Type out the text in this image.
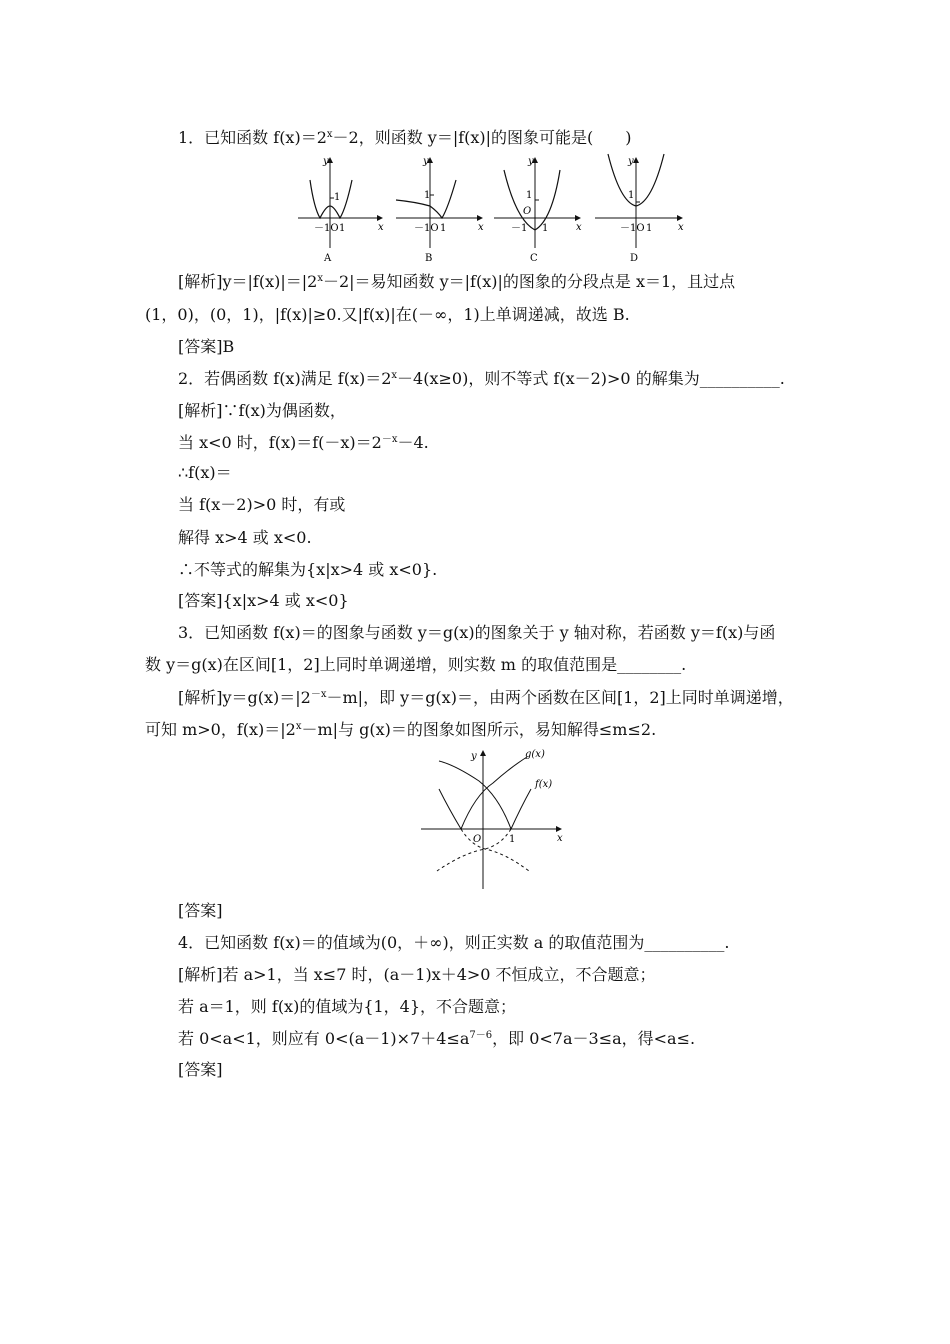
1．已知函数 $f(x)=2^x-2$，则函数 y＝|f(x)|的图象可能是(　　)
1
－1O 1
y
x
A
1
－1O 1
y
x
B
1
O
－1 1
y
x
C
1
－1O 1
y
x
D
[解析]$y=|f(x)|=|2^x-2|=$易知函数 y＝|f(x)|的图象的分段点是 x＝1，且过点
(1，0)，(0，1)，|f(x)|≥0.又|f(x)|在(－∞，1)上单调递减，故选 B.
[答案]B
2．若偶函数 f(x)满足 $f(x)=2^x-4(x\ge 0)$，则不等式 f(x－2)>0 的解集为__________.
[解析]∵f(x)为偶函数，
当 x<0 时，$f(x)=f(-x)=2^{-x}-4$.
∴f(x)＝
当 f(x－2)>0 时，有或
解得 x>4 或 x<0.
∴不等式的解集为{x|x>4 或 x<0}.
[答案]{x|x>4 或 x<0}
3．已知函数 f(x)＝的图象与函数 y＝g(x)的图象关于 y 轴对称，若函数 y＝f(x)与函
数 y＝g(x)在区间[1，2]上同时单调递增，则实数 m 的取值范围是________.
[解析]$y=g(x)=|2^{-x}-m|$，即 y＝g(x)＝，由两个函数在区间[1，2]上同时单调递增，
可知 m>0，$f(x)=|2^x-m|$与 g(x)＝的图象如图所示，易知解得≤m≤2.
y
x
O	1
g(x)
f(x)
[答案]
4．已知函数 f(x)＝的值域为(0，＋∞)，则正实数 a 的取值范围为__________.
[解析]若 a>1，当 x≤7 时，(a－1)x＋4>0 不恒成立，不合题意；
若 a＝1，则 f(x)的值域为{1，4}，不合题意；
若 0<a<1，则应有 $0<(a-1)\times 7+4\le a^{7-6}$，即 0<7a－3≤a，得<a≤.
[答案]
